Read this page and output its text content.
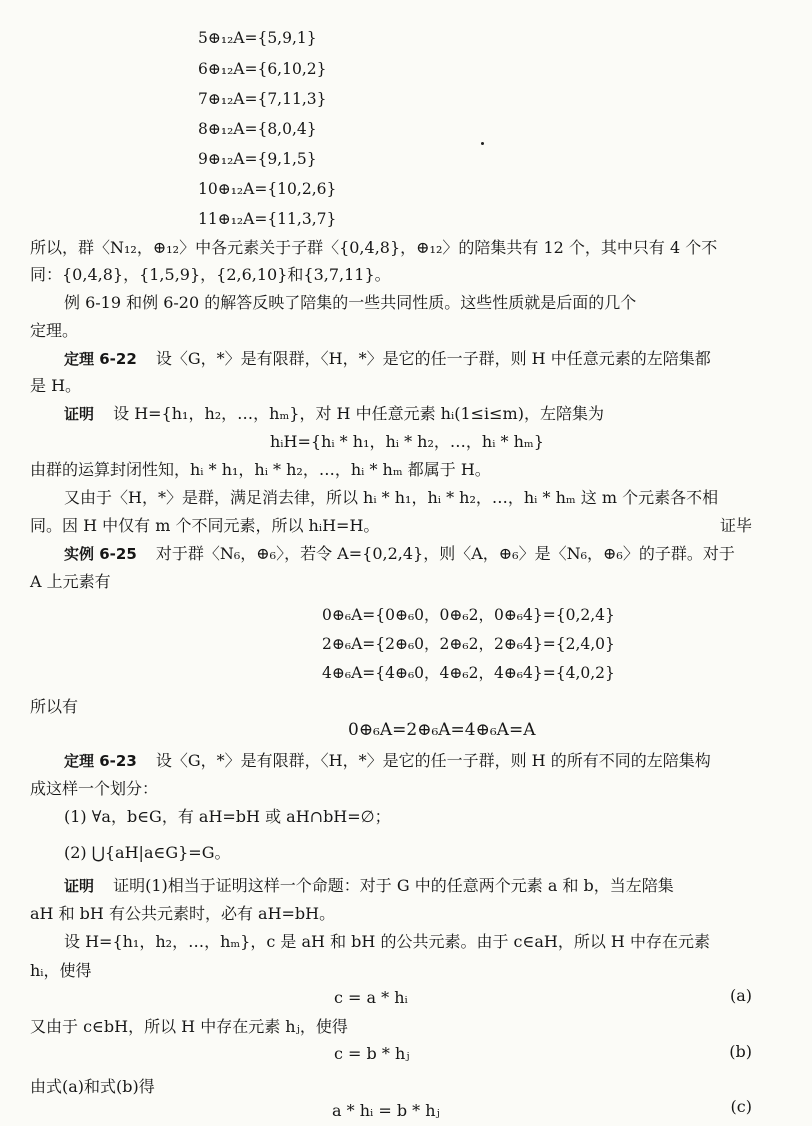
5⊕₁₂A={5,9,1}
6⊕₁₂A={6,10,2}
7⊕₁₂A={7,11,3}
8⊕₁₂A={8,0,4}
9⊕₁₂A={9,1,5}
10⊕₁₂A={10,2,6}
11⊕₁₂A={11,3,7}
所以，群〈N₁₂，⊕₁₂〉中各元素关于子群〈{0,4,8}，⊕₁₂〉的陪集共有 12 个，其中只有 4 个不
同：{0,4,8}，{1,5,9}，{2,6,10}和{3,7,11}。
例 6-19 和例 6-20 的解答反映了陪集的一些共同性质。这些性质就是后面的几个
定理。
定理 6-22 设〈G，*〉是有限群，〈H，*〉是它的任一子群，则 H 中任意元素的左陪集都
是 H。
证明 设 H={h₁，h₂，…，hₘ}，对 H 中任意元素 hᵢ(1≤i≤m)，左陪集为
hᵢH={hᵢ * h₁，hᵢ * h₂，…，hᵢ * hₘ}
由群的运算封闭性知，hᵢ * h₁，hᵢ * h₂，…，hᵢ * hₘ 都属于 H。
又由于〈H，*〉是群，满足消去律，所以 hᵢ * h₁，hᵢ * h₂，…，hᵢ * hₘ 这 m 个元素各不相
同。因 H 中仅有 m 个不同元素，所以 hᵢH=H。	证毕
实例 6-25 对于群〈N₆，⊕₆〉，若令 A={0,2,4}，则〈A，⊕₆〉是〈N₆，⊕₆〉的子群。对于
A 上元素有
0⊕₆A={0⊕₆0，0⊕₆2，0⊕₆4}={0,2,4}
2⊕₆A={2⊕₆0，2⊕₆2，2⊕₆4}={2,4,0}
4⊕₆A={4⊕₆0，4⊕₆2，4⊕₆4}={4,0,2}
所以有
0⊕₆A=2⊕₆A=4⊕₆A=A
定理 6-23 设〈G，*〉是有限群，〈H，*〉是它的任一子群，则 H 的所有不同的左陪集构
成这样一个划分：
(1) ∀a，b∈G，有 aH=bH 或 aH∩bH=∅；
(2) ⋃{aH|a∈G}=G。
证明 证明(1)相当于证明这样一个命题：对于 G 中的任意两个元素 a 和 b，当左陪集
aH 和 bH 有公共元素时，必有 aH=bH。
设 H={h₁，h₂，…，hₘ}，c 是 aH 和 bH 的公共元素。由于 c∈aH，所以 H 中存在元素
hᵢ，使得
c = a * hᵢ	(a)
又由于 c∈bH，所以 H 中存在元素 hⱼ，使得
c = b * hⱼ	(b)
由式(a)和式(b)得
a * hᵢ = b * hⱼ	(c)
